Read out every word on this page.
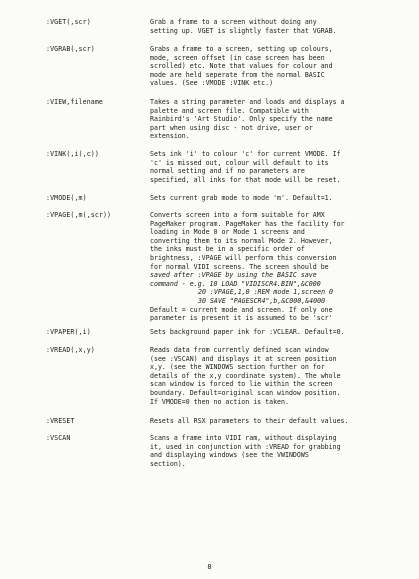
:VGET(,scr)	Grab a frame to a screen without doing any
setting up. VGET is slightly faster that VGRAB.
:VGRAB(,scr)	Grabs a frame to a screen, setting up colours,
mode, screen offset (in case screen has been
scrolled) etc. Note that values for colour and
mode are held seperate from the normal BASIC
values. (See :VMODE :VINK etc.)
:VIEW,filename	Takes a string parameter and loads and displays a
palette and screen file. Compatible with
Rainbird's 'Art Studio'. Only specify the name
part when using disc - not drive, user or
extension.
:VINK(,i(,c))	Sets ink 'i' to colour 'c' for current VMODE. If
'c' is missed out, colour will default to its
normal setting and if no parameters are
specified, all inks for that mode will be reset.
:VMODE(,m)	Sets current grab mode to mode 'm'. Default=1.
:VPAGE(,m(,scr))	Converts screen into a form suitable for AMX
PageMaker program. PageMaker has the facility for
loading in Mode 0 or Mode 1 screens and
converting them to its normal Mode 2. However,
the inks must be in a specific order of
brightness, :VPAGE will perform this conversion
for normal VIDI screens. The screen should be
saved after :VPAGE by using the BASIC save
command - e.g. 10 LOAD "VIDISCR4.BIN",&C000
20 :VPAGE,1,0 :REM mode 1,screen 0
30 SAVE "PAGESCR4",b,&C000,&4000
Default = current mode and screen. If only one
parameter is present it is assumed to be 'scr'
:VPAPER(,i)	Sets background paper ink for :VCLEAR. Default=0.
:VREAD(,x,y)	Reads data from currently defined scan window
(see :VSCAN) and displays it at screen position
x,y. (see the WINDOWS section further on for
details of the x,y coordinate system). The whole
scan window is forced to lie within the screen
boundary. Default=original scan window position.
If VMODE=0 then no action is taken.
:VRESET	Resets all RSX parameters to their default values.
:VSCAN	Scans a frame into VIDI ram, without displaying
it, used in conjunction with :VREAD for grabbing
and displaying windows (see the VWINDOWS
section).
8
